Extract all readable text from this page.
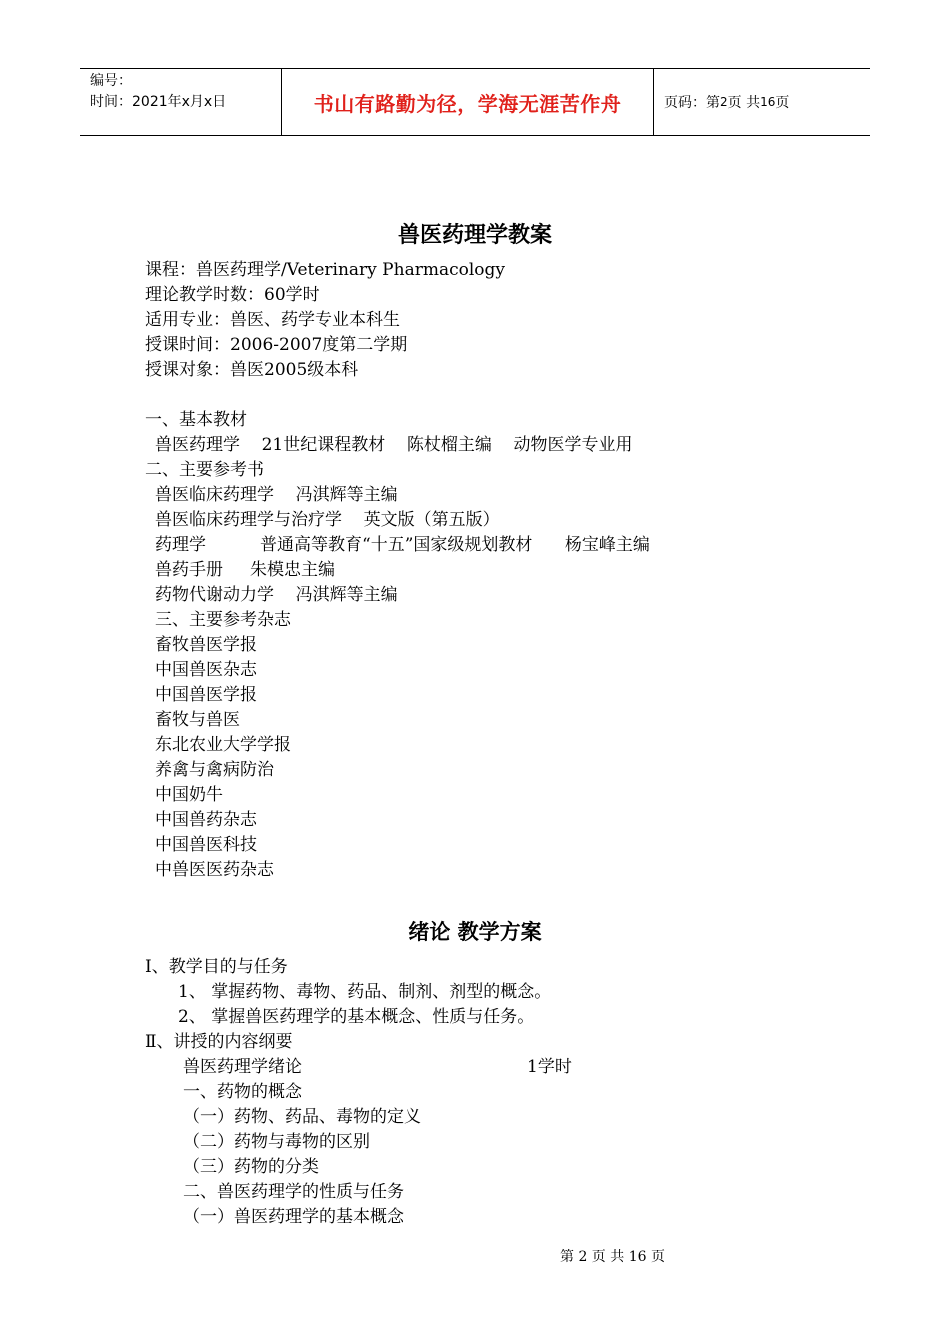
编号：
时间：2021年x月x日	书山有路勤为径，学海无涯苦作舟	页码：第 2 页 共 16 页
兽医药理学教案
课程：兽医药理学/Veterinary Pharmacology
理论教学时数：60学时
适用专业：兽医、药学专业本科生
授课时间：2006-2007度第二学期
授课对象：兽医2005级本科
一、基本教材
兽医药理学    21世纪课程教材    陈杖榴主编    动物医学专业用
二、主要参考书
兽医临床药理学    冯淇辉等主编
兽医临床药理学与治疗学    英文版（第五版）
药理学          普通高等教育“十五”国家级规划教材      杨宝峰主编
兽药手册     朱模忠主编
药物代谢动力学    冯淇辉等主编
三、主要参考杂志
畜牧兽医学报
中国兽医杂志
中国兽医学报
畜牧与兽医
东北农业大学学报
养禽与禽病防治
中国奶牛
中国兽药杂志
中国兽医科技
中兽医医药杂志
绪论 教学方案
Ⅰ、教学目的与任务
1、 掌握药物、毒物、药品、制剂、剂型的概念。
2、 掌握兽医药理学的基本概念、性质与任务。
Ⅱ、讲授的内容纲要
兽医药理学绪论	1学时
一、药物的概念
（一）药物、药品、毒物的定义
（二）药物与毒物的区别
（三）药物的分类
二、兽医药理学的性质与任务
（一）兽医药理学的基本概念
第 2 页 共 16 页
